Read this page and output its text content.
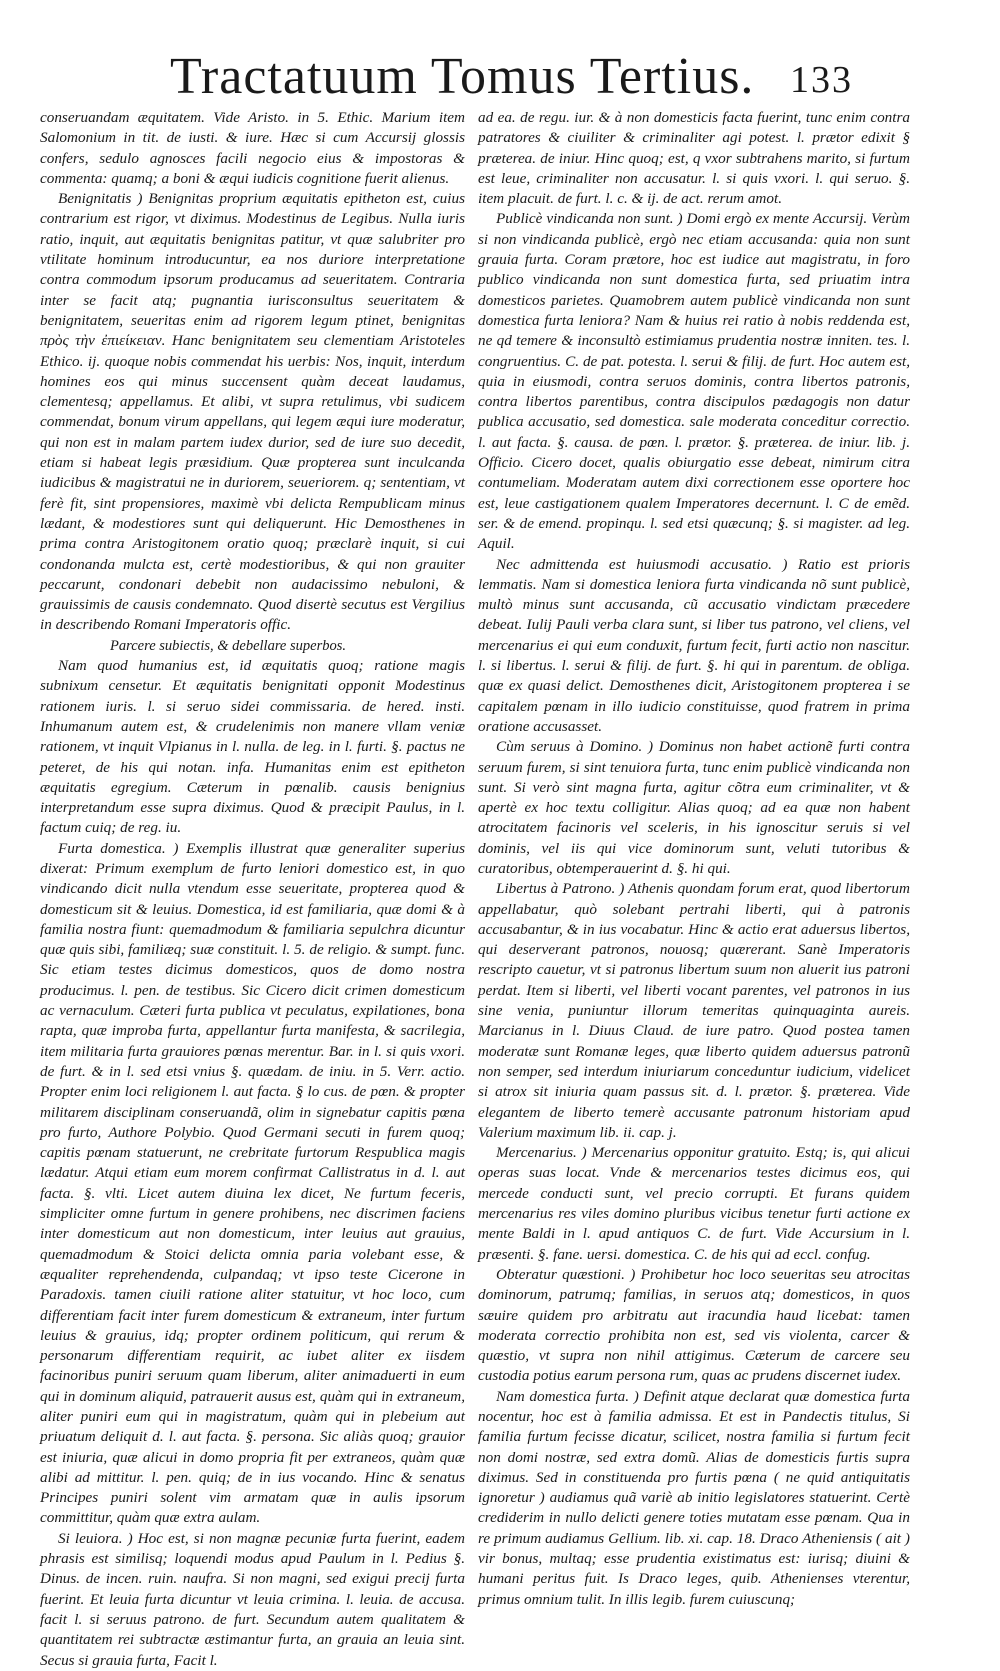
Tractatuum Tomus Tertius. 133

conseruandam æquitatem. Vide Aristo. in 5. Ethic. Marium item Salomonium in tit. de iusti. & iure. Hæc si cum Accursij glossis confers, sedulo agnosces facili negocio eius & impostoras & commenta: quamq; a boni & æqui iudicis cognitione fuerit alienus.

Benignitatis ) Benignitas proprium æquitatis epitheton est, cuius contrarium est rigor, vt diximus. Modestinus de Legibus. Nulla iuris ratio, inquit, aut æquitatis benignitas patitur, vt quæ salubriter pro vtilitate hominum introducuntur, ea nos duriore interpretatione contra commodum ipsorum producamus ad seueritatem. Contraria inter se facit atq; pugnantia iurisconsultus seueritatem & benignitatem, seueritas enim ad rigorem legum ptinet, benignitas πρὸς τὴν ἐπιείκειαν. Hanc benignitatem seu clementiam Aristoteles Ethico. ij. quoque nobis commendat his uerbis: Nos, inquit, interdum homines eos qui minus succensent quàm deceat laudamus, clementesq; appellamus. Et alibi, vt supra retulimus, vbi sudicem commendat, bonum virum appellans, qui legem æqui iure moderatur, qui non est in malam partem iudex durior, sed de iure suo decedit, etiam si habeat legis præsidium. Quæ propterea sunt inculcanda iudicibus & magistratui ne in duriorem, seueriorem. q; sententiam, vt ferè fit, sint propensiores, maximè vbi delicta Rempublicam minus lædant, & modestiores sunt qui deliquerunt. Hic Demosthenes in prima contra Aristogitonem oratio quoq; præclarè inquit, si cui condonanda mulcta est, certè modestioribus, & qui non grauiter peccarunt, condonari debebit non audacissimo nebuloni, & grauissimis de causis condemnato. Quod disertè secutus est Vergilius in describendo Romani Imperatoris offic.

Parcere subiectis, & debellare superbos.

Nam quod humanius est, id æquitatis quoq; ratione magis subnixum censetur. Et æquitatis benignitati opponit Modestinus rationem iuris. l. si seruo sidei commissaria. de hered. insti. Inhumanum autem est, & crudelenimis non manere vllam veniæ rationem, vt inquit Vlpianus in l. nulla. de leg. in l. furti. §. pactus ne peteret, de his qui notan. infa. Humanitas enim est epitheton æquitatis egregium. Cæterum in pœnalib. causis benignius interpretandum esse supra diximus. Quod & præcipit Paulus, in l. factum cuiq; de reg. iu.

Furta domestica. ) Exemplis illustrat quæ generaliter superius dixerat: Primum exemplum de furto leniori domestico est, in quo vindicando dicit nulla vtendum esse seueritate, propterea quod & domesticum sit & leuius. Domestica, id est familiaria, quæ domi & à familia nostra fiunt: quemadmodum & familiaria sepulchra dicuntur quæ quis sibi, familiæq; suæ constituit. l. 5. de religio. & sumpt. func. Sic etiam testes dicimus domesticos, quos de domo nostra producimus. l. pen. de testibus. Sic Cicero dicit crimen domesticum ac vernaculum. Cæteri furta publica vt peculatus, expilationes, bona rapta, quæ improba furta, appellantur furta manifesta, & sacrilegia, item militaria furta grauiores pœnas merentur. Bar. in l. si quis vxori. de furt. & in l. sed etsi vnius §. quædam. de iniu. in 5. Verr. actio. Propter enim loci religionem l. aut facta. § lo cus. de pœn. & propter militarem disciplinam conseruandã, olim in signebatur capitis pœna pro furto, Authore Polybio. Quod Germani secuti in furem quoq; capitis pœnam statuerunt, ne crebritate furtorum Respublica magis lædatur. Atqui etiam eum morem confirmat Callistratus in d. l. aut facta. §. vlti. Licet autem diuina lex dicet, Ne furtum feceris, simpliciter omne furtum in genere prohibens, nec discrimen faciens inter domesticum aut non domesticum, inter leuius aut grauius, quemadmodum & Stoici delicta omnia paria volebant esse, & æqualiter reprehendenda, culpandaq; vt ipso teste Cicerone in Paradoxis. tamen ciuili ratione aliter statuitur, vt hoc loco, cum differentiam facit inter furem domesticum & extraneum, inter furtum leuius & grauius, idq; propter ordinem politicum, qui rerum & personarum differentiam requirit, ac iubet aliter ex iisdem facinoribus puniri seruum quam liberum, aliter animaduerti in eum qui in dominum aliquid, patrauerit ausus est, quàm qui in extraneum, aliter puniri eum qui in magistratum, quàm qui in plebeium aut priuatum deliquit d. l. aut facta. §. persona. Sic aliàs quoq; grauior est iniuria, quæ alicui in domo propria fit per extraneos, quàm quæ alibi ad mittitur. l. pen. quiq; de in ius vocando. Hinc & senatus Principes puniri solent vim armatam quæ in aulis ipsorum committitur, quàm quæ extra aulam.

Si leuiora. ) Hoc est, si non magnæ pecuniæ furta fuerint, eadem phrasis est similisq; loquendi modus apud Paulum in l. Pedius §. Dinus. de incen. ruin. naufra. Si non magni, sed exigui precij furta fuerint. Et leuia furta dicuntur vt leuia crimina. l. leuia. de accusa. facit l. si seruus patrono. de furt. Secundum autem qualitatem & quantitatem rei subtractæ æstimantur furta, an grauia an leuia sint. Secus si grauia furta, Facit l.

ad ea. de regu. iur. & à non domesticis facta fuerint, tunc enim contra patratores & ciuiliter & criminaliter agi potest. l. prætor edixit § præterea. de iniur. Hinc quoq; est, q vxor subtrahens marito, si furtum est leue, criminaliter non accusatur. l. si quis vxori. l. qui seruo. §. item placuit. de furt. l. c. & ij. de act. rerum amot.

Publicè vindicanda non sunt. ) Domi ergò ex mente Accursij. Verùm si non vindicanda publicè, ergò nec etiam accusanda: quia non sunt grauia furta. Coram prætore, hoc est iudice aut magistratu, in foro publico vindicanda non sunt domestica furta, sed priuatim intra domesticos parietes. Quamobrem autem publicè vindicanda non sunt domestica furta leniora? Nam & huius rei ratio à nobis reddenda est, ne qd temere & inconsultò estimiamus prudentia nostræ inniten. tes. l. congruentius. C. de pat. potesta. l. serui & filij. de furt. Hoc autem est, quia in eiusmodi, contra seruos dominis, contra libertos patronis, contra libertos parentibus, contra discipulos pædagogis non datur publica accusatio, sed domestica. sale moderata conceditur correctio. l. aut facta. §. causa. de pœn. l. prætor. §. præterea. de iniur. lib. j. Officio. Cicero docet, qualis obiurgatio esse debeat, nimirum citra contumeliam. Moderatam autem dixi correctionem esse oportere hoc est, leue castigationem qualem Imperatores decernunt. l. C de emẽd. ser. & de emend. propinqu. l. sed etsi quæcunq; §. si magister. ad leg. Aquil.

Nec admittenda est huiusmodi accusatio. ) Ratio est prioris lemmatis. Nam si domestica leniora furta vindicanda nõ sunt publicè, multò minus sunt accusanda, cũ accusatio vindictam præcedere debeat. Iulij Pauli verba clara sunt, si liber tus patrono, vel cliens, vel mercenarius ei qui eum conduxit, furtum fecit, furti actio non nascitur. l. si libertus. l. serui & filij. de furt. §. hi qui in parentum. de obliga. quæ ex quasi delict. Demosthenes dicit, Aristogitonem propterea i se capitalem pœnam in illo iudicio constituisse, quod fratrem in prima oratione accusasset.

Cùm seruus à Domino. ) Dominus non habet actionẽ furti contra seruum furem, si sint tenuiora furta, tunc enim publicè vindicanda non sunt. Si verò sint magna furta, agitur cõtra eum criminaliter, vt & apertè ex hoc textu colligitur. Alias quoq; ad ea quæ non habent atrocitatem facinoris vel sceleris, in his ignoscitur seruis si vel dominis, vel iis qui vice dominorum sunt, veluti tutoribus & curatoribus, obtemperauerint d. §. hi qui.

Libertus à Patrono. ) Athenis quondam forum erat, quod libertorum appellabatur, quò solebant pertrahi liberti, qui à patronis accusabantur, & in ius vocabatur. Hinc & actio erat aduersus libertos, qui deserverant patronos, nouosq; quærerant. Sanè Imperatoris rescripto cauetur, vt si patronus libertum suum non aluerit ius patroni perdat. Item si liberti, vel liberti vocant parentes, vel patronos in ius sine venia, puniuntur illorum temeritas quinquaginta aureis. Marcianus in l. Diuus Claud. de iure patro. Quod postea tamen moderatæ sunt Romanæ leges, quæ liberto quidem aduersus patronũ non semper, sed interdum iniuriarum conceduntur iudicium, videlicet si atrox sit iniuria quam passus sit. d. l. prætor. §. præterea. Vide elegantem de liberto temerè accusante patronum historiam apud Valerium maximum lib. ii. cap. j.

Mercenarius. ) Mercenarius opponitur gratuito. Estq; is, qui alicui operas suas locat. Vnde & mercenarios testes dicimus eos, qui mercede conducti sunt, vel precio corrupti. Et furans quidem mercenarius res viles domino pluribus vicibus tenetur furti actione ex mente Baldi in l. apud antiquos C. de furt. Vide Accursium in l. præsenti. §. fane. uersi. domestica. C. de his qui ad eccl. confug.

Obteratur quæstioni. ) Prohibetur hoc loco seueritas seu atrocitas dominorum, patrumq; familias, in seruos atq; domesticos, in quos sæuire quidem pro arbitratu aut iracundia haud licebat: tamen moderata correctio prohibita non est, sed vis violenta, carcer & quæstio, vt supra non nihil attigimus. Cæterum de carcere seu custodia potius earum persona rum, quas ac prudens discernet iudex.

Nam domestica furta. ) Definit atque declarat quæ domestica furta nocentur, hoc est à familia admissa. Et est in Pandectis titulus, Si familia furtum fecisse dicatur, scilicet, nostra familia si furtum fecit non domi nostræ, sed extra domũ. Alias de domesticis furtis supra diximus. Sed in constituenda pro furtis pœna ( ne quid antiquitatis ignoretur ) audiamus quã variè ab initio legislatores statuerint. Certè crediderim in nullo delicti genere toties mutatam esse pœnam. Qua in re primum audiamus Gellium. lib. xi. cap. 18. Draco Atheniensis ( ait ) vir bonus, multaq; esse prudentia existimatus est: iurisq; diuini & humani peritus fuit. Is Draco leges, quib. Athenienses vterentur, primus omnium tulit. In illis legib. furem cuiuscunq;
